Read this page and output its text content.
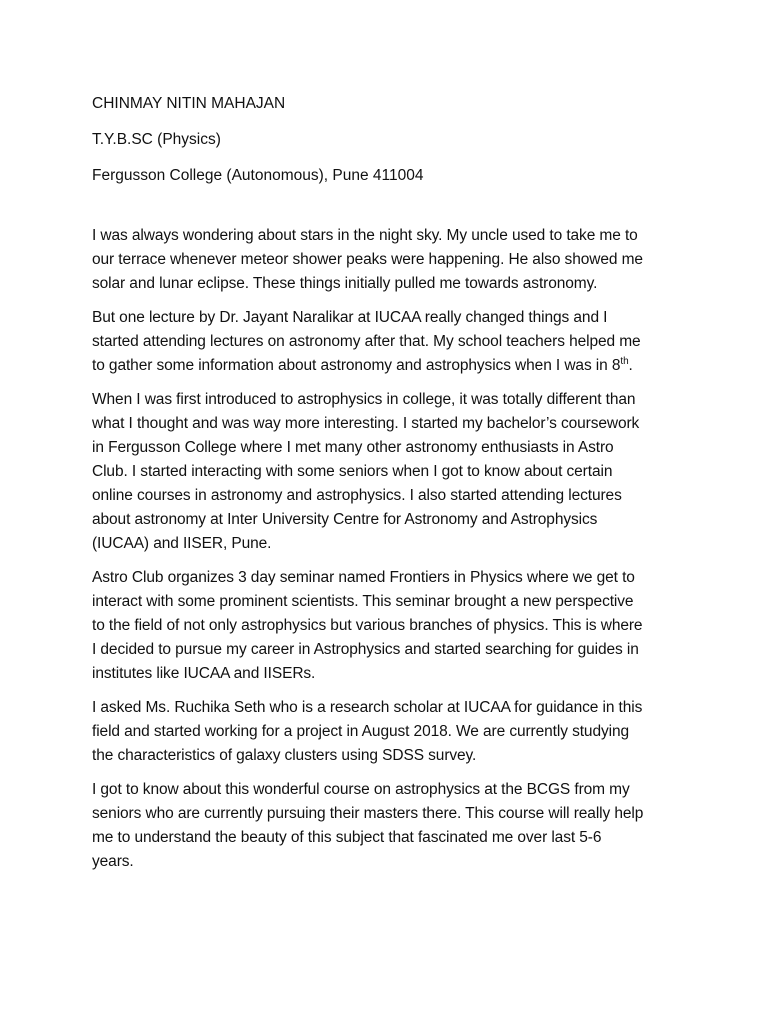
CHINMAY NITIN MAHAJAN
T.Y.B.SC (Physics)
Fergusson College (Autonomous), Pune 411004
I was always wondering about stars in the night sky. My uncle used to take me to
our terrace whenever meteor shower peaks were happening. He also showed me
solar and lunar eclipse. These things initially pulled me towards astronomy.
But one lecture by Dr. Jayant Naralikar at IUCAA really changed things and I
started attending lectures on astronomy after that. My school teachers helped me
to gather some information about astronomy and astrophysics when I was in 8th.
When I was first introduced to astrophysics in college, it was totally different than
what I thought and was way more interesting. I started my bachelor’s coursework
in Fergusson College where I met many other astronomy enthusiasts in Astro
Club. I started interacting with some seniors when I got to know about certain
online courses in astronomy and astrophysics. I also started attending lectures
about astronomy at Inter University Centre for Astronomy and Astrophysics
(IUCAA) and IISER, Pune.
Astro Club organizes 3 day seminar named Frontiers in Physics where we get to
interact with some prominent scientists. This seminar brought a new perspective
to the field of not only astrophysics but various branches of physics. This is where
I decided to pursue my career in Astrophysics and started searching for guides in
institutes like IUCAA and IISERs.
I asked Ms. Ruchika Seth who is a research scholar at IUCAA for guidance in this
field and started working for a project in August 2018. We are currently studying
the characteristics of galaxy clusters using SDSS survey.
I got to know about this wonderful course on astrophysics at the BCGS from my
seniors who are currently pursuing their masters there. This course will really help
me to understand the beauty of this subject that fascinated me over last 5-6
years.
